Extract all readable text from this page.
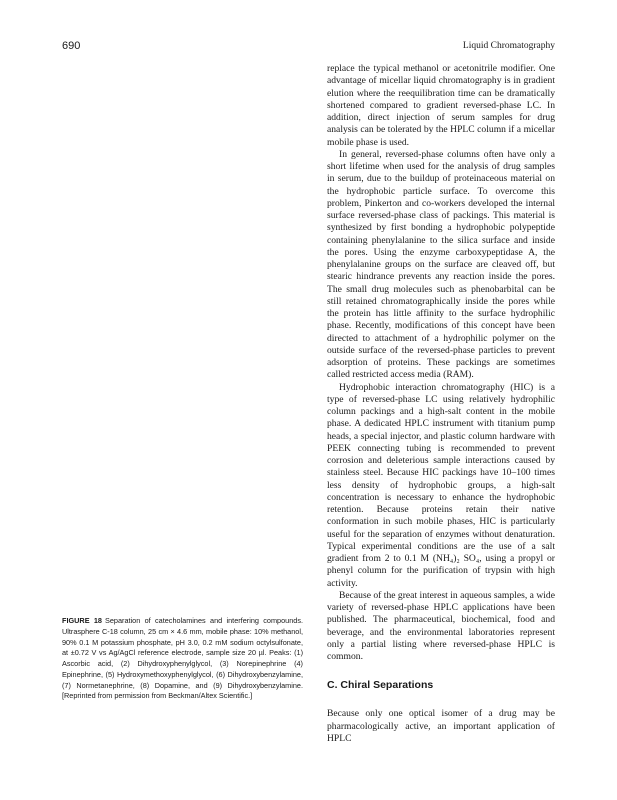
690	Liquid Chromatography

replace the typical methanol or acetonitrile modifier. One advantage of micellar liquid chromatography is in gradient elution where the reequilibration time can be dramatically shortened compared to gradient reversed-phase LC. In addition, direct injection of serum samples for drug analysis can be tolerated by the HPLC column if a micellar mobile phase is used.

In general, reversed-phase columns often have only a short lifetime when used for the analysis of drug samples in serum, due to the buildup of proteinaceous material on the hydrophobic particle surface. To overcome this problem, Pinkerton and co-workers developed the internal surface reversed-phase class of packings. This material is synthesized by first bonding a hydrophobic polypeptide containing phenylalanine to the silica surface and inside the pores. Using the enzyme carboxypeptidase A, the phenylalanine groups on the surface are cleaved off, but stearic hindrance prevents any reaction inside the pores. The small drug molecules such as phenobarbital can be still retained chromatographically inside the pores while the protein has little affinity to the surface hydrophilic phase. Recently, modifications of this concept have been directed to attachment of a hydrophilic polymer on the outside surface of the reversed-phase particles to prevent adsorption of proteins. These packings are sometimes called restricted access media (RAM).

Hydrophobic interaction chromatography (HIC) is a type of reversed-phase LC using relatively hydrophilic column packings and a high-salt content in the mobile phase. A dedicated HPLC instrument with titanium pump heads, a special injector, and plastic column hardware with PEEK connecting tubing is recommended to prevent corrosion and deleterious sample interactions caused by stainless steel. Because HIC packings have 10–100 times less density of hydrophobic groups, a high-salt concentration is necessary to enhance the hydrophobic retention. Because proteins retain their native conformation in such mobile phases, HIC is particularly useful for the separation of enzymes without denaturation. Typical experimental conditions are the use of a salt gradient from 2 to 0.1 M (NH₄)₂ SO₄, using a propyl or phenyl column for the purification of trypsin with high activity.

Because of the great interest in aqueous samples, a wide variety of reversed-phase HPLC applications have been published. The pharmaceutical, biochemical, food and beverage, and the environmental laboratories represent only a partial listing where reversed-phase HPLC is common.

C. Chiral Separations

Because only one optical isomer of a drug may be pharmacologically active, an important application of HPLC

FIGURE 18 Separation of catecholamines and interfering compounds. Ultrasphere C-18 column, 25 cm × 4.6 mm, mobile phase: 10% methanol, 90% 0.1 M potassium phosphate, pH 3.0, 0.2 mM sodium octylsulfonate, at ±0.72 V vs Ag/AgCl reference electrode, sample size 20 µl. Peaks: (1) Ascorbic acid, (2) Dihydroxyphenylglycol, (3) Norepinephrine (4) Epinephrine, (5) Hydroxymethoxyphenylglycol, (6) Dihydroxybenzylamine, (7) Normetanephrine, (8) Dopamine, and (9) Dihydroxybenzylamine. [Reprinted from permission from Beckman/Altex Scientific.]
